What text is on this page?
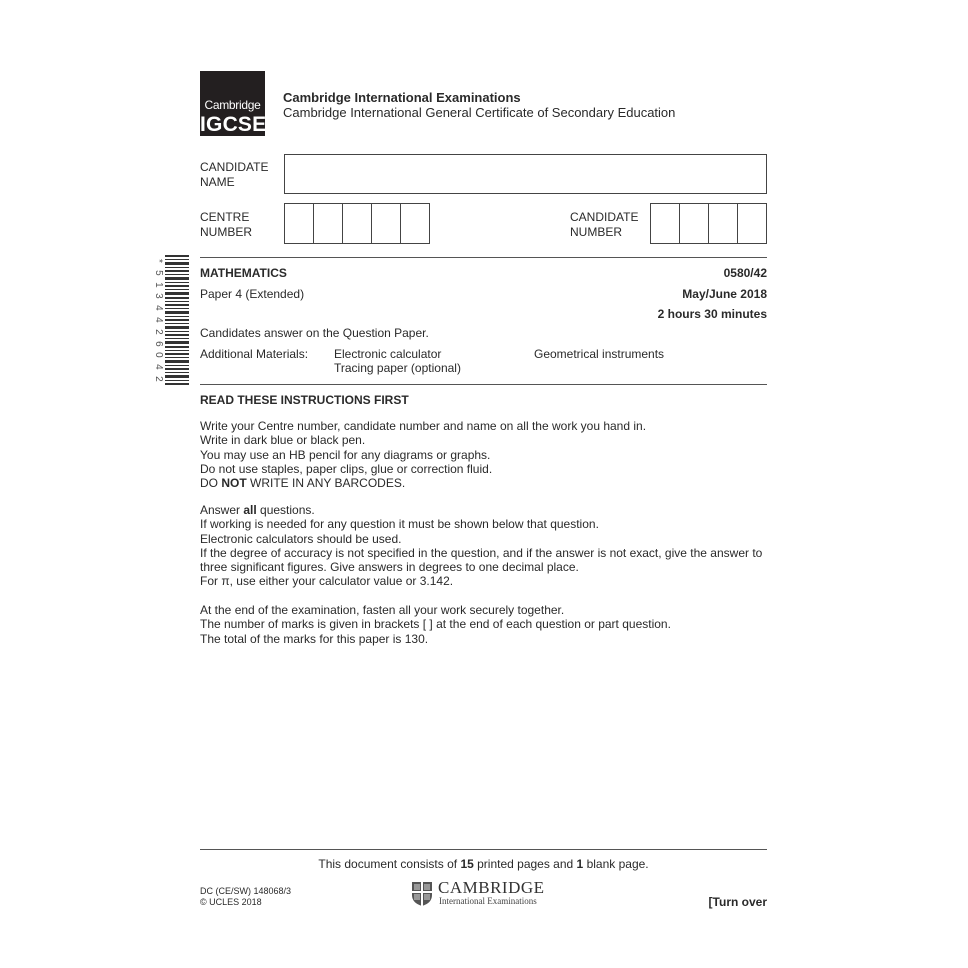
Cambridge
IGCSE
Cambridge International Examinations
Cambridge International General Certificate of Secondary Education
CANDIDATE
NAME
CENTRE
NUMBER
CANDIDATE
NUMBER
*
5
1
3
4
4
2
6
0
4
2
MATHEMATICS	0580/42
Paper 4 (Extended)	May/June 2018
2 hours 30 minutes
Candidates answer on the Question Paper.
Additional Materials: Electronic calculator
Tracing paper (optional)
Geometrical instruments
READ THESE INSTRUCTIONS FIRST
Write your Centre number, candidate number and name on all the work you hand in.
Write in dark blue or black pen.
You may use an HB pencil for any diagrams or graphs.
Do not use staples, paper clips, glue or correction fluid.
DO NOT WRITE IN ANY BARCODES.
Answer all questions.
If working is needed for any question it must be shown below that question.
Electronic calculators should be used.
If the degree of accuracy is not specified in the question, and if the answer is not exact, give the answer to
three significant figures. Give answers in degrees to one decimal place.
For π, use either your calculator value or 3.142.
At the end of the examination, fasten all your work securely together.
The number of marks is given in brackets [ ] at the end of each question or part question.
The total of the marks for this paper is 130.
This document consists of 15 printed pages and 1 blank page.
DC (CE/SW) 148068/3
© UCLES 2018
CAMBRIDGE
International Examinations	[Turn over
